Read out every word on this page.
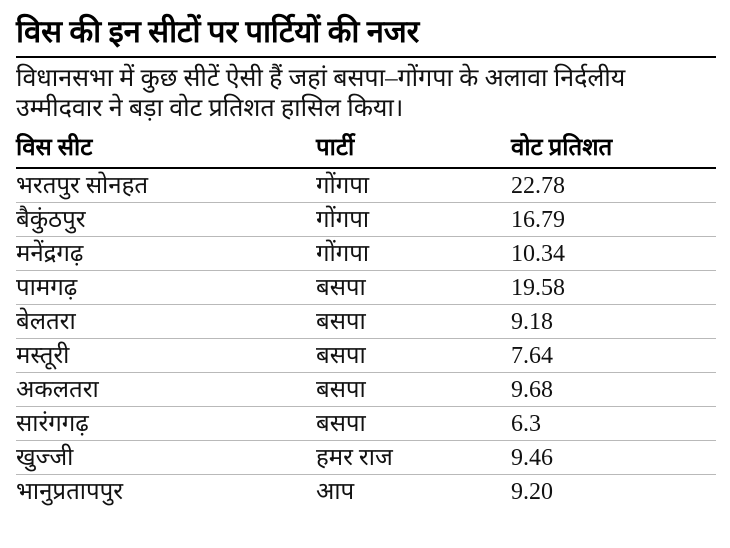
विस की इन सीटों पर पार्टियों की नजर

विधानसभा में कुछ सीटें ऐसी हैं जहां बसपा–गोंगपा के अलावा निर्दलीय उम्मीदवार ने बड़ा वोट प्रतिशत हासिल किया।

विस सीट	पार्टी	वोट प्रतिशत
भरतपुर सोनहत	गोंगपा	22.78
बैकुंठपुर	गोंगपा	16.79
मनेंद्रगढ़	गोंगपा	10.34
पामगढ़	बसपा	19.58
बेलतरा	बसपा	9.18
मस्तूरी	बसपा	7.64
अकलतरा	बसपा	9.68
सारंगगढ़	बसपा	6.3
खुज्जी	हमर राज	9.46
भानुप्रतापपुर	आप	9.20
